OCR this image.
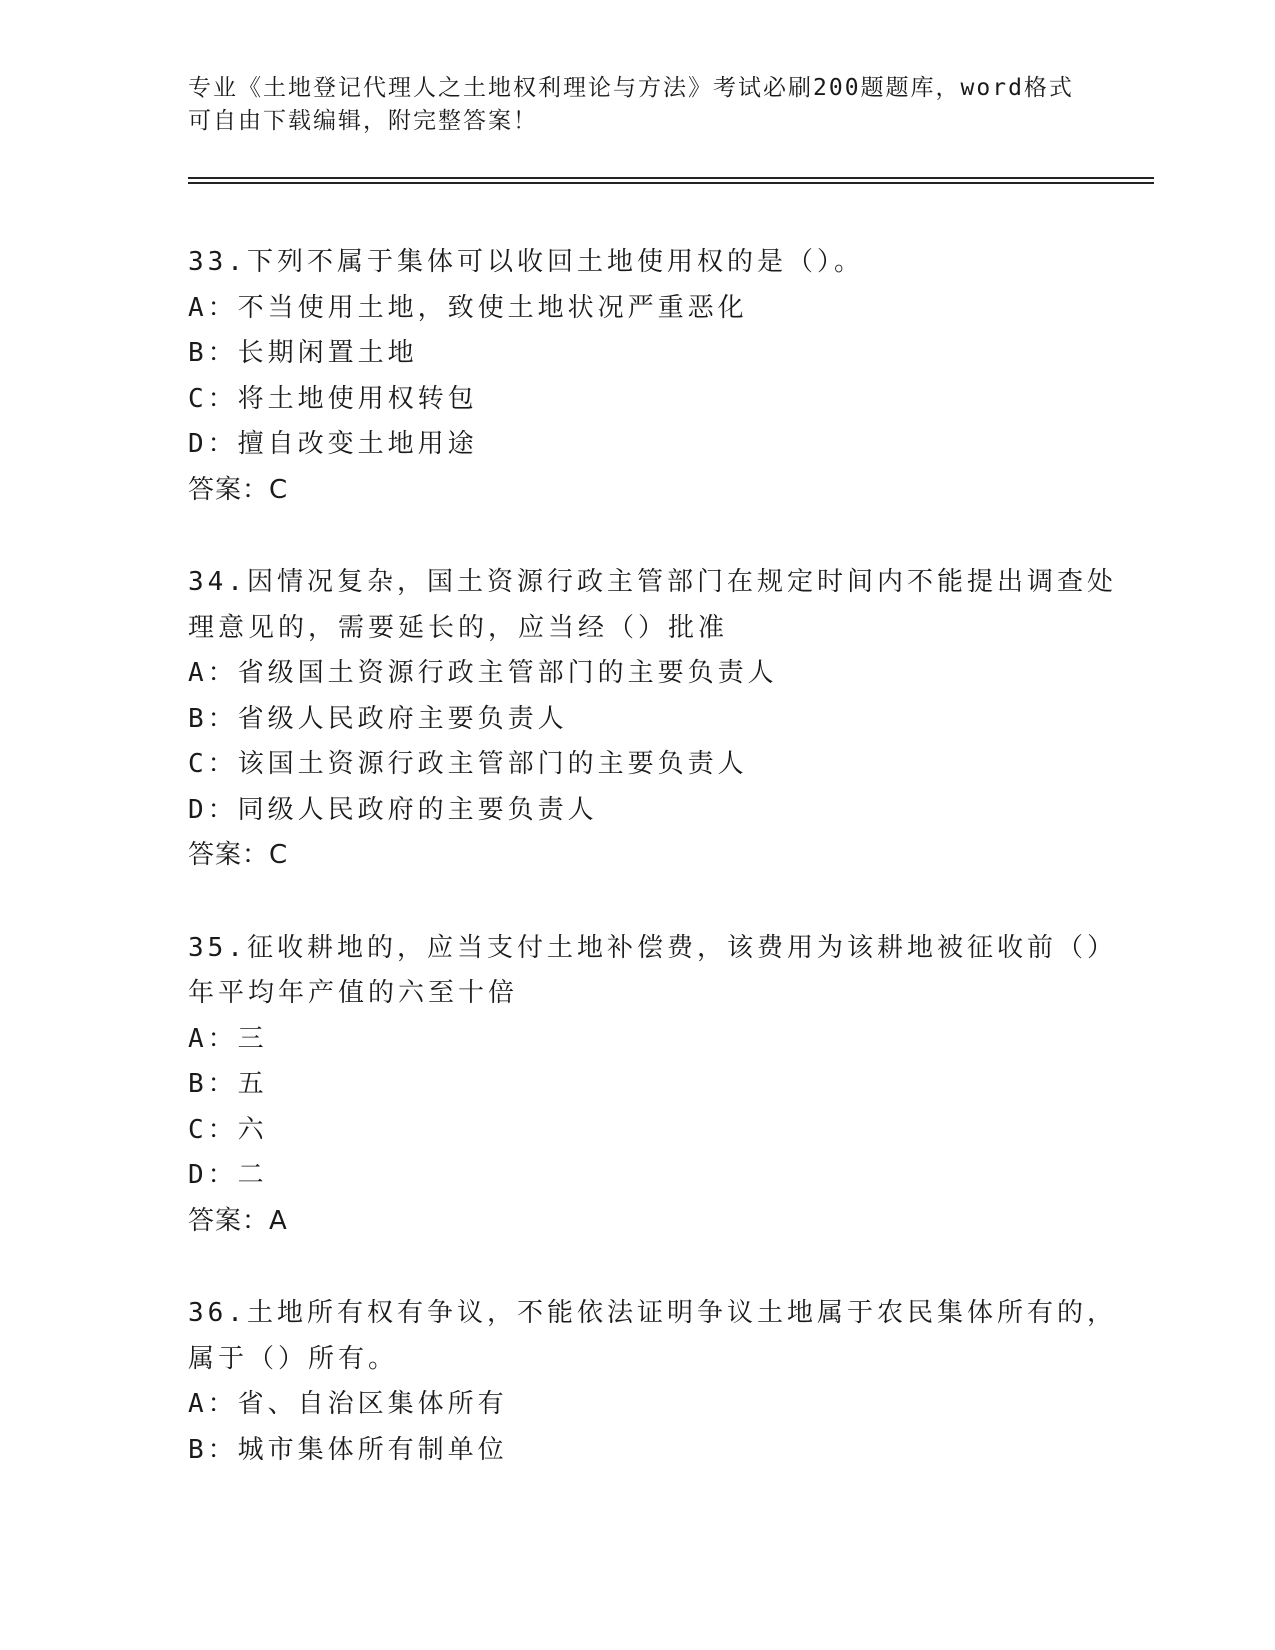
专业《土地登记代理人之土地权利理论与方法》考试必刷200题题库，word格式
可自由下载编辑，附完整答案！
33.下列不属于集体可以收回土地使用权的是（）。
A：不当使用土地，致使土地状况严重恶化
B：长期闲置土地
C：将土地使用权转包
D：擅自改变土地用途
答案：C
34.因情况复杂，国土资源行政主管部门在规定时间内不能提出调查处
理意见的，需要延长的，应当经（）批准
A：省级国土资源行政主管部门的主要负责人
B：省级人民政府主要负责人
C：该国土资源行政主管部门的主要负责人
D：同级人民政府的主要负责人
答案：C
35.征收耕地的，应当支付土地补偿费，该费用为该耕地被征收前（）
年平均年产值的六至十倍
A：三
B：五
C：六
D：二
答案：A
36.土地所有权有争议，不能依法证明争议土地属于农民集体所有的，
属于（）所有。
A：省、自治区集体所有
B：城市集体所有制单位
